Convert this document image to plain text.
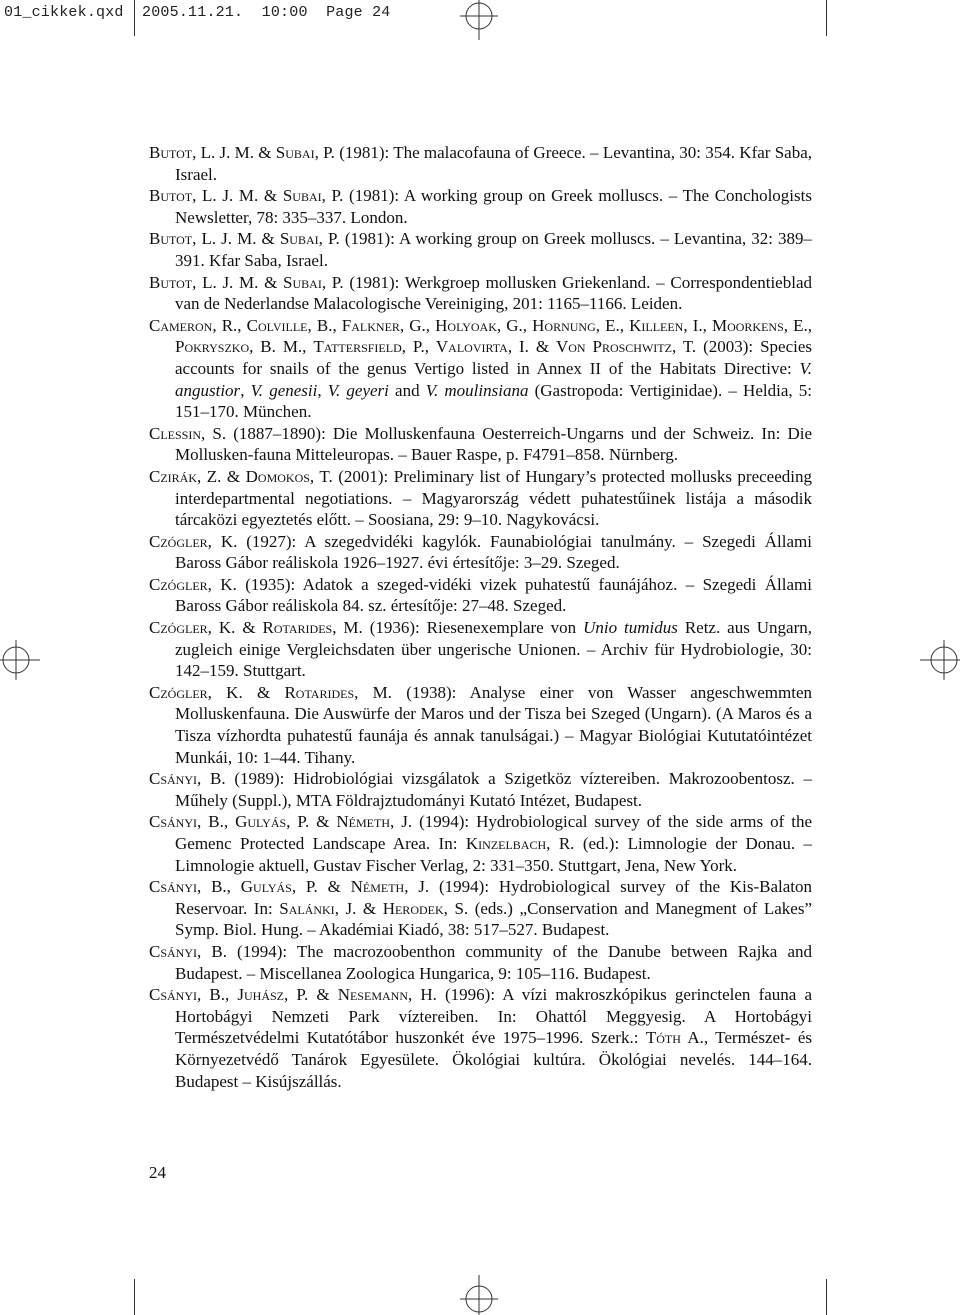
01_cikkek.qxd 2005.11.21. 10:00 Page 24

Butot, L. J. M. & Subai, P. (1981): The malacofauna of Greece. – Levantina, 30: 354. Kfar Saba, Israel.

Butot, L. J. M. & Subai, P. (1981): A working group on Greek molluscs. – The Conchologists Newsletter, 78: 335–337. London.

Butot, L. J. M. & Subai, P. (1981): A working group on Greek molluscs. – Levantina, 32: 389–391. Kfar Saba, Israel.

Butot, L. J. M. & Subai, P. (1981): Werkgroep mollusken Griekenland. – Correspondentieblad van de Nederlandse Malacologische Vereiniging, 201: 1165–1166. Leiden.

Cameron, R., Colville, B., Falkner, G., Holyoak, G., Hornung, E., Killeen, I., Moorkens, E., Pokryszko, B. M., Tattersfield, P., Valovirta, I. & Von Proschwitz, T. (2003): Species accounts for snails of the genus Vertigo listed in Annex II of the Habitats Directive: V. angustior, V. genesii, V. geyeri and V. moulinsiana (Gastropoda: Vertiginidae). – Heldia, 5: 151–170. München.

Clessin, S. (1887–1890): Die Molluskenfauna Oesterreich-Ungarns und der Schweiz. In: Die Mollusken-fauna Mitteleuropas. – Bauer Raspe, p. F4791–858. Nürnberg.

Czirák, Z. & Domokos, T. (2001): Preliminary list of Hungary’s protected mollusks preceeding interdepartmental negotiations. – Magyarország védett puhatestűinek listája a második tárcaközi egyeztetés előtt. – Soosiana, 29: 9–10. Nagykovácsi.

Czógler, K. (1927): A szegedvidéki kagylók. Faunabiológiai tanulmány. – Szegedi Állami Baross Gábor reáliskola 1926–1927. évi értesítője: 3–29. Szeged.

Czógler, K. (1935): Adatok a szeged-vidéki vizek puhatestű faunájához. – Szegedi Állami Baross Gábor reáliskola 84. sz. értesítője: 27–48. Szeged.

Czógler, K. & Rotarides, M. (1936): Riesenexemplare von Unio tumidus Retz. aus Ungarn, zugleich einige Vergleichsdaten über ungerische Unionen. – Archiv für Hydrobiologie, 30: 142–159. Stuttgart.

Czógler, K. & Rotarides, M. (1938): Analyse einer von Wasser angeschwemmten Molluskenfauna. Die Auswürfe der Maros und der Tisza bei Szeged (Ungarn). (A Maros és a Tisza vízhordta puhatestű faunája és annak tanulságai.) – Magyar Biológiai Kututatóintézet Munkái, 10: 1–44. Tihany.

Csányi, B. (1989): Hidrobiológiai vizsgálatok a Szigetköz víztereiben. Makrozoobentosz. – Műhely (Suppl.), MTA Földrajztudományi Kutató Intézet, Budapest.

Csányi, B., Gulyás, P. & Németh, J. (1994): Hydrobiological survey of the side arms of the Gemenc Protected Landscape Area. In: Kinzelbach, R. (ed.): Limnologie der Donau. – Limnologie aktuell, Gustav Fischer Verlag, 2: 331–350. Stuttgart, Jena, New York.

Csányi, B., Gulyás, P. & Németh, J. (1994): Hydrobiological survey of the Kis-Balaton Reservoar. In: Salánki, J. & Herodek, S. (eds.) „Conservation and Manegment of Lakes” Symp. Biol. Hung. – Akadémiai Kiadó, 38: 517–527. Budapest.

Csányi, B. (1994): The macrozoobenthon community of the Danube between Rajka and Budapest. – Miscellanea Zoologica Hungarica, 9: 105–116. Budapest.

Csányi, B., Juhász, P. & Nesemann, H. (1996): A vízi makroszkópikus gerinctelen fauna a Hortobágyi Nemzeti Park víztereiben. In: Ohattól Meggyesig. A Hortobágyi Természetvédelmi Kutatótábor huszonkét éve 1975–1996. Szerk.: Tóth A., Természet- és Környezetvédő Tanárok Egyesülete. Ökológiai kultúra. Ökológiai nevelés. 144–164. Budapest – Kisújszállás.

24
